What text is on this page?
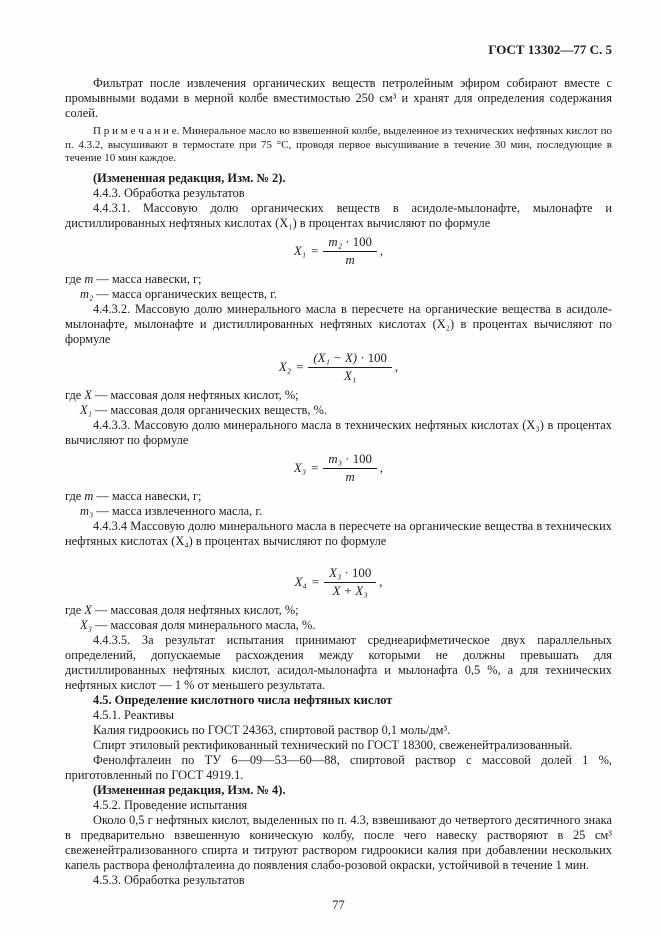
ГОСТ 13302—77 С. 5

Фильтрат после извлечения органических веществ петролейным эфиром собирают вместе с промывными водами в мерной колбе вместимостью 250 см³ и хранят для определения содержания солей.

П р и м е ч а н и е. Минеральное масло во взвешенной колбе, выделенное из технических нефтяных кислот по п. 4.3.2, высушивают в термостате при 75 °С, проводя первое высушивание в течение 30 мин, последующие в течение 10 мин каждое.

(Измененная редакция, Изм. № 2).

4.4.3. Обработка результатов

4.4.3.1. Массовую долю органических веществ в асидоле-мылонафте, мылонафте и дистиллированных нефтяных кислотах (X₁) в процентах вычисляют по формуле

$X_1 = \frac{\text{m₂ · 100}}{m}$ ,

где m — масса навески, г;

m₂ — масса органических веществ, г.

4.4.3.2. Массовую долю минерального масла в пересчете на органические вещества в асидоле-мылонафте, мылонафте и дистиллированных нефтяных кислотах (X₂) в процентах вычисляют по формуле

$X_2 = \frac{\text{(X₁ − X) · 100}}{\text{X₁}}$ ,

где X — массовая доля нефтяных кислот, %;

X₁ — массовая доля органических веществ, %.

4.4.3.3. Массовую долю минерального масла в технических нефтяных кислотах (X₃) в процентах вычисляют по формуле

$X_3 = \frac{\text{m₃ · 100}}{m}$ ,

где m — масса навески, г;

m₃ — масса извлеченного масла, г.

4.4.3.4 Массовую долю минерального масла в пересчете на органические вещества в технических нефтяных кислотах (X₄) в процентах вычисляют по формуле

$X_4 = \frac{\text{X₃ · 100}}{\text{X + X₃}}$ ,

где X — массовая доля нефтяных кислот, %;

X₃ — массовая доля минерального масла, %.

4.4.3.5. За результат испытания принимают среднеарифметическое двух параллельных определений, допускаемые расхождения между которыми не должны превышать для дистиллированных нефтяных кислот, асидол-мылонафта и мылонафта 0,5 %, а для технических нефтяных кислот — 1 % от меньшего результата.

4.5. Определение кислотного числа нефтяных кислот

4.5.1. Реактивы

Калия гидроокись по ГОСТ 24363, спиртовой раствор 0,1 моль/дм³.

Спирт этиловый ректификованный технический по ГОСТ 18300, свеженейтрализованный.

Фенолфталеин по ТУ 6—09—53—60—88, спиртовой раствор с массовой долей 1 %, приготовленный по ГОСТ 4919.1.

(Измененная редакция, Изм. № 4).

4.5.2. Проведение испытания

Около 0,5 г нефтяных кислот, выделенных по п. 4.3, взвешивают до четвертого десятичного знака в предварительно взвешенную коническую колбу, после чего навеску растворяют в 25 см³ свеженейтрализованного спирта и титруют раствором гидроокиси калия при добавлении нескольких капель раствора фенолфталеина до появления слабо-розовой окраски, устойчивой в течение 1 мин.

4.5.3. Обработка результатов

77
